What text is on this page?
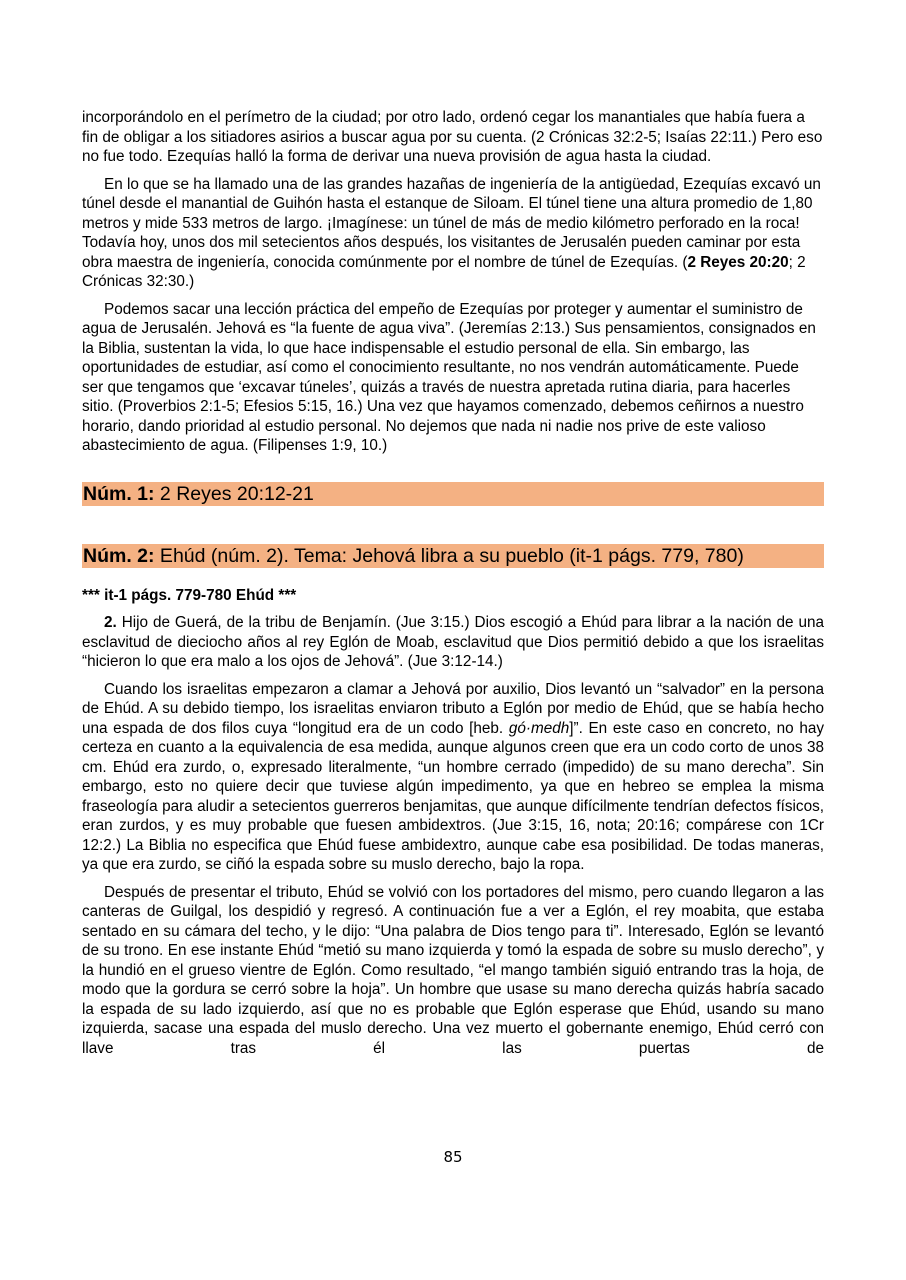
incorporándolo en el perímetro de la ciudad; por otro lado, ordenó cegar los manantiales que había fuera a fin de obligar a los sitiadores asirios a buscar agua por su cuenta. (2 Crónicas 32:2-5; Isaías 22:11.) Pero eso no fue todo. Ezequías halló la forma de derivar una nueva provisión de agua hasta la ciudad.

En lo que se ha llamado una de las grandes hazañas de ingeniería de la antigüedad, Ezequías excavó un túnel desde el manantial de Guihón hasta el estanque de Siloam. El túnel tiene una altura promedio de 1,80 metros y mide 533 metros de largo. ¡Imagínese: un túnel de más de medio kilómetro perforado en la roca! Todavía hoy, unos dos mil setecientos años después, los visitantes de Jerusalén pueden caminar por esta obra maestra de ingeniería, conocida comúnmente por el nombre de túnel de Ezequías. (2 Reyes 20:20; 2 Crónicas 32:30.)

Podemos sacar una lección práctica del empeño de Ezequías por proteger y aumentar el suministro de agua de Jerusalén. Jehová es “la fuente de agua viva”. (Jeremías 2:13.) Sus pensamientos, consignados en la Biblia, sustentan la vida, lo que hace indispensable el estudio personal de ella. Sin embargo, las oportunidades de estudiar, así como el conocimiento resultante, no nos vendrán automáticamente. Puede ser que tengamos que ‘excavar túneles’, quizás a través de nuestra apretada rutina diaria, para hacerles sitio. (Proverbios 2:1-5; Efesios 5:15, 16.) Una vez que hayamos comenzado, debemos ceñirnos a nuestro horario, dando prioridad al estudio personal. No dejemos que nada ni nadie nos prive de este valioso abastecimiento de agua. (Filipenses 1:9, 10.)

Núm. 1: 2 Reyes 20:12-21
Núm. 2: Ehúd (núm. 2). Tema: Jehová libra a su pueblo (it-1 págs. 779, 780)

*** it-1 págs. 779-780 Ehúd ***

2. Hijo de Guerá, de la tribu de Benjamín. (Jue 3:15.) Dios escogió a Ehúd para librar a la nación de una esclavitud de dieciocho años al rey Eglón de Moab, esclavitud que Dios permitió debido a que los israelitas “hicieron lo que era malo a los ojos de Jehová”. (Jue 3:12-14.)

Cuando los israelitas empezaron a clamar a Jehová por auxilio, Dios levantó un “salvador” en la persona de Ehúd. A su debido tiempo, los israelitas enviaron tributo a Eglón por medio de Ehúd, que se había hecho una espada de dos filos cuya “longitud era de un codo [heb. gó·medh]”. En este caso en concreto, no hay certeza en cuanto a la equivalencia de esa medida, aunque algunos creen que era un codo corto de unos 38 cm. Ehúd era zurdo, o, expresado literalmente, “un hombre cerrado (impedido) de su mano derecha”. Sin embargo, esto no quiere decir que tuviese algún impedimento, ya que en hebreo se emplea la misma fraseología para aludir a setecientos guerreros benjamitas, que aunque difícilmente tendrían defectos físicos, eran zurdos, y es muy probable que fuesen ambidextros. (Jue 3:15, 16, nota; 20:16; compárese con 1Cr 12:2.) La Biblia no especifica que Ehúd fuese ambidextro, aunque cabe esa posibilidad. De todas maneras, ya que era zurdo, se ciñó la espada sobre su muslo derecho, bajo la ropa.

Después de presentar el tributo, Ehúd se volvió con los portadores del mismo, pero cuando llegaron a las canteras de Guilgal, los despidió y regresó. A continuación fue a ver a Eglón, el rey moabita, que estaba sentado en su cámara del techo, y le dijo: “Una palabra de Dios tengo para ti”. Interesado, Eglón se levantó de su trono. En ese instante Ehúd “metió su mano izquierda y tomó la espada de sobre su muslo derecho”, y la hundió en el grueso vientre de Eglón. Como resultado, “el mango también siguió entrando tras la hoja, de modo que la gordura se cerró sobre la hoja”. Un hombre que usase su mano derecha quizás habría sacado la espada de su lado izquierdo, así que no es probable que Eglón esperase que Ehúd, usando su mano izquierda, sacase una espada del muslo derecho. Una vez muerto el gobernante enemigo, Ehúd cerró con llave tras él las puertas de

85
